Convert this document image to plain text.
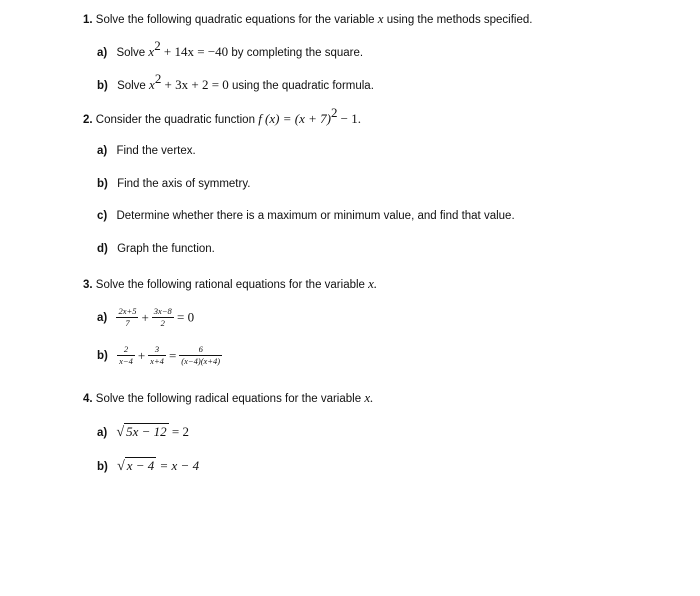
1. Solve the following quadratic equations for the variable x using the methods specified.
a) Solve $x^2 + 14x = -40$ by completing the square.
b) Solve $x^2 + 3x + 2 = 0$ using the quadratic formula.
2. Consider the quadratic function f $(x) = (x + 7)^2 - 1$.
a) Find the vertex.
b) Find the axis of symmetry.
c) Determine whether there is a maximum or minimum value, and find that value.
d) Graph the function.
3. Solve the following rational equations for the variable x.
$a) \frac{2x+5}{7} + \frac{3x-8}{2} = 0$
$b) \frac{2}{x-4} + \frac{3}{x+4} = \frac{6}{(x-4)(x+4)}$
4. Solve the following radical equations for the variable x.
a) √ 5x − 12 = 2
b) √ x − 4 = x − 4
